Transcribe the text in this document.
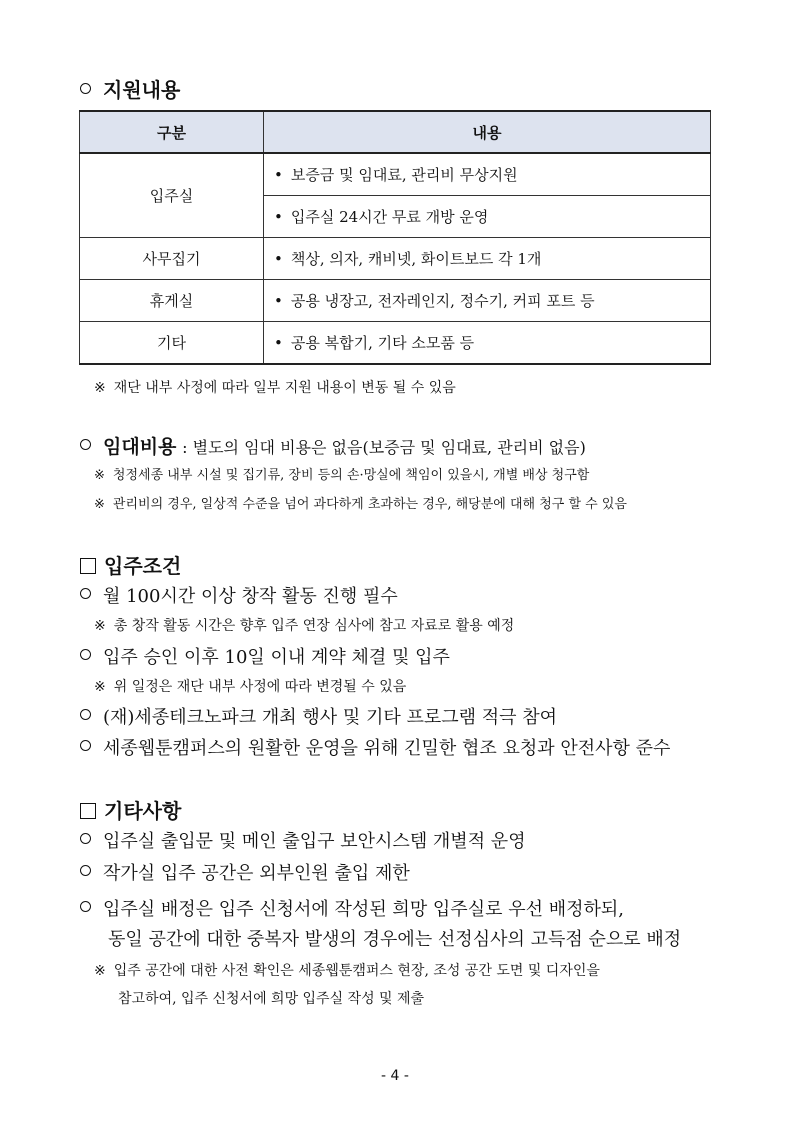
지원내용
구분	내용
입주실	• 보증금 및 임대료, 관리비 무상지원
	• 입주실 24시간 무료 개방 운영
사무집기	• 책상, 의자, 캐비넷, 화이트보드 각 1개
휴게실	• 공용 냉장고, 전자레인지, 정수기, 커피 포트 등
기타	• 공용 복합기, 기타 소모품 등
※ 재단 내부 사정에 따라 일부 지원 내용이 변동 될 수 있음
임대비용 : 별도의 임대 비용은 없음(보증금 및 임대료, 관리비 없음)
※ 청정세종 내부 시설 및 집기류, 장비 등의 손·망실에 책임이 있을시, 개별 배상 청구함
※ 관리비의 경우, 일상적 수준을 넘어 과다하게 초과하는 경우, 해당분에 대해 청구 할 수 있음
입주조건
월 100시간 이상 창작 활동 진행 필수
※ 총 창작 활동 시간은 향후 입주 연장 심사에 참고 자료로 활용 예정
입주 승인 이후 10일 이내 계약 체결 및 입주
※ 위 일정은 재단 내부 사정에 따라 변경될 수 있음
(재)세종테크노파크 개최 행사 및 기타 프로그램 적극 참여
세종웹툰캠퍼스의 원활한 운영을 위해 긴밀한 협조 요청과 안전사항 준수
기타사항
입주실 출입문 및 메인 출입구 보안시스템 개별적 운영
작가실 입주 공간은 외부인원 출입 제한
입주실 배정은 입주 신청서에 작성된 희망 입주실로 우선 배정하되,
동일 공간에 대한 중복자 발생의 경우에는 선정심사의 고득점 순으로 배정
※ 입주 공간에 대한 사전 확인은 세종웹툰캠퍼스 현장, 조성 공간 도면 및 디자인을
참고하여, 입주 신청서에 희망 입주실 작성 및 제출
- 4 -
